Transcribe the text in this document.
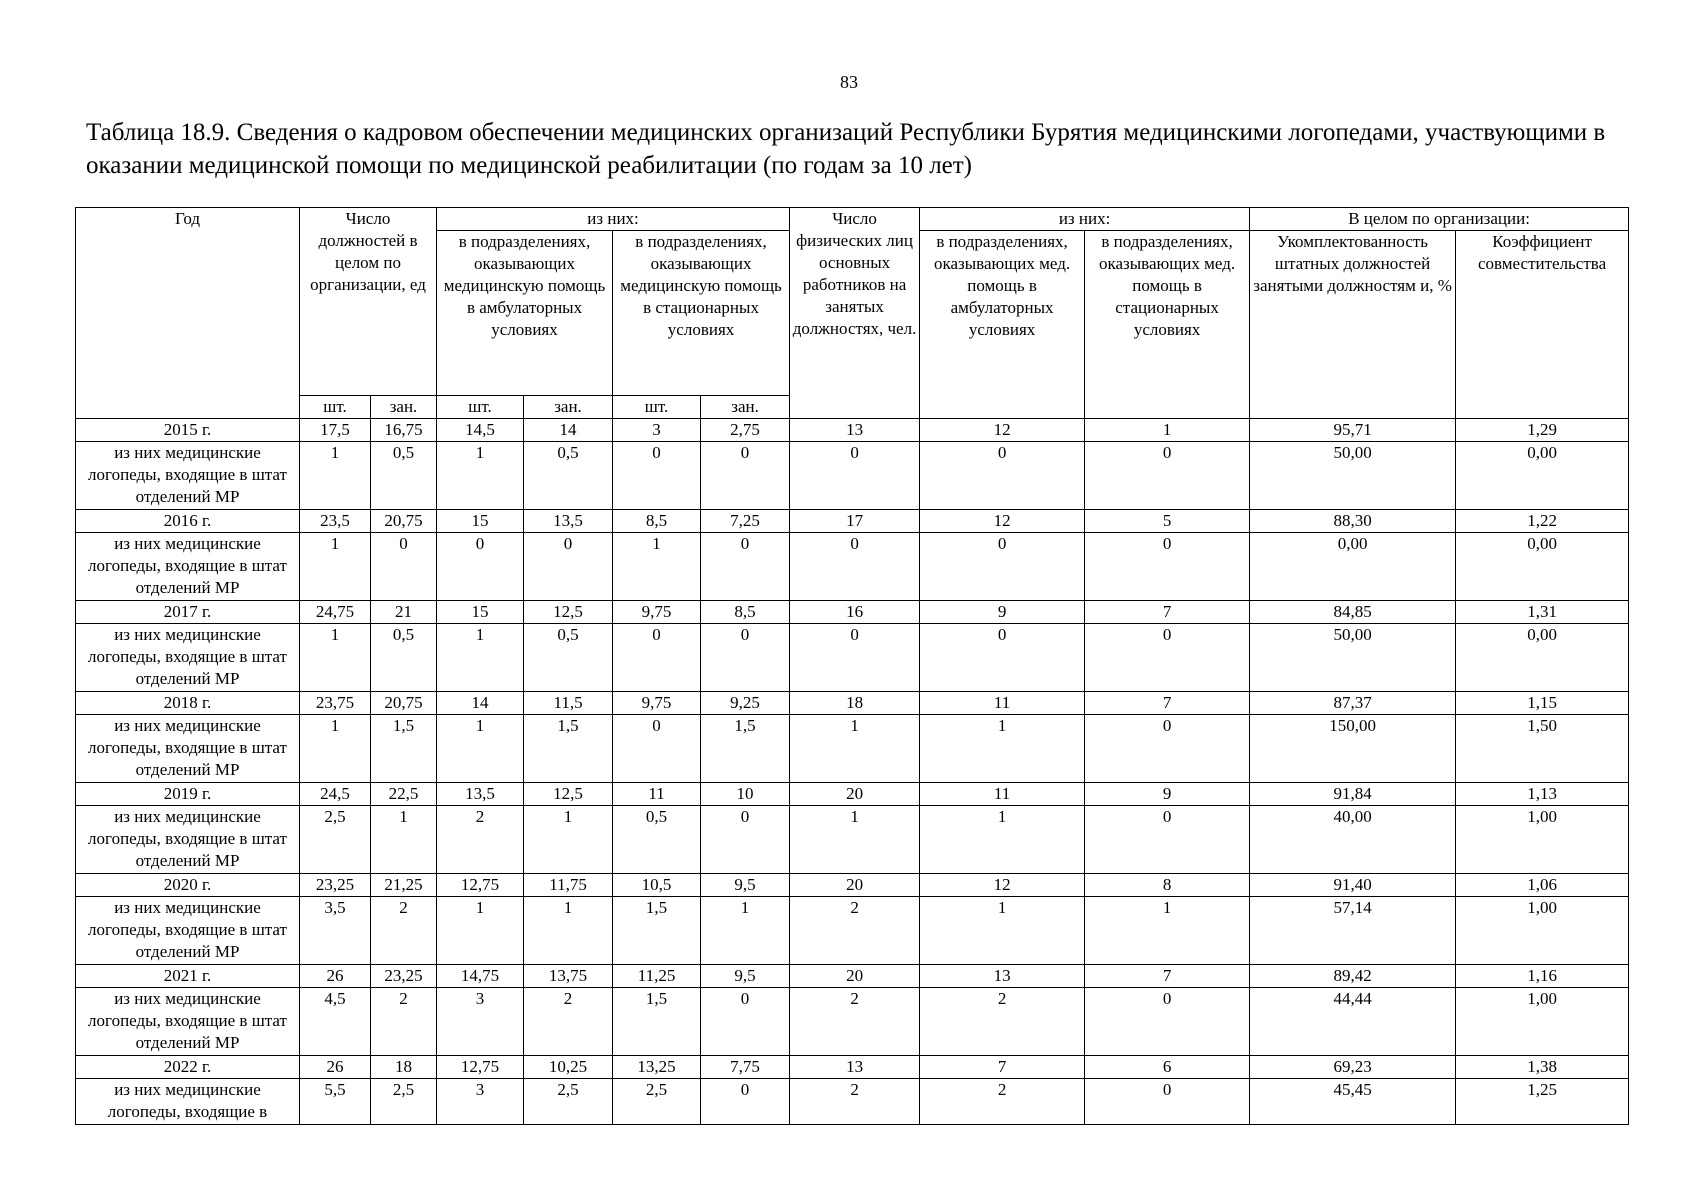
83
Таблица 18.9. Сведения о кадровом обеспечении медицинских организаций Республики Бурятия медицинскими логопедами, участвующими в оказании медицинской помощи по медицинской реабилитации (по годам за 10 лет)
Год	Число должностей в целом по организации, ед		из них:				Число физических лиц основных работников на занятых должностях, чел.	из них:		В целом по организации:	
			в подразделениях, оказывающих медицинскую помощь в амбулаторных условиях		в подразделениях, оказывающих медицинскую помощь в стационарных условиях			в подразделениях, оказывающих мед. помощь в амбулаторных условиях	в подразделениях, оказывающих мед. помощь в стационарных условиях	Укомплектованность штатных должностей занятыми должностям и, %	Коэффициент совместительства
	шт.	зан.	шт.	зан.	шт.	зан.					
2015 г.	17,5	16,75	14,5	14	3	2,75	13	12	1	95,71	1,29
из них медицинские логопеды, входящие в штат отделений МР	1	0,5	1	0,5	0	0	0	0	0	50,00	0,00
2016 г.	23,5	20,75	15	13,5	8,5	7,25	17	12	5	88,30	1,22
из них медицинские логопеды, входящие в штат отделений МР	1	0	0	0	1	0	0	0	0	0,00	0,00
2017 г.	24,75	21	15	12,5	9,75	8,5	16	9	7	84,85	1,31
из них медицинские логопеды, входящие в штат отделений МР	1	0,5	1	0,5	0	0	0	0	0	50,00	0,00
2018 г.	23,75	20,75	14	11,5	9,75	9,25	18	11	7	87,37	1,15
из них медицинские логопеды, входящие в штат отделений МР	1	1,5	1	1,5	0	1,5	1	1	0	150,00	1,50
2019 г.	24,5	22,5	13,5	12,5	11	10	20	11	9	91,84	1,13
из них медицинские логопеды, входящие в штат отделений МР	2,5	1	2	1	0,5	0	1	1	0	40,00	1,00
2020 г.	23,25	21,25	12,75	11,75	10,5	9,5	20	12	8	91,40	1,06
из них медицинские логопеды, входящие в штат отделений МР	3,5	2	1	1	1,5	1	2	1	1	57,14	1,00
2021 г.	26	23,25	14,75	13,75	11,25	9,5	20	13	7	89,42	1,16
из них медицинские логопеды, входящие в штат отделений МР	4,5	2	3	2	1,5	0	2	2	0	44,44	1,00
2022 г.	26	18	12,75	10,25	13,25	7,75	13	7	6	69,23	1,38
из них медицинские логопеды, входящие в	5,5	2,5	3	2,5	2,5	0	2	2	0	45,45	1,25
